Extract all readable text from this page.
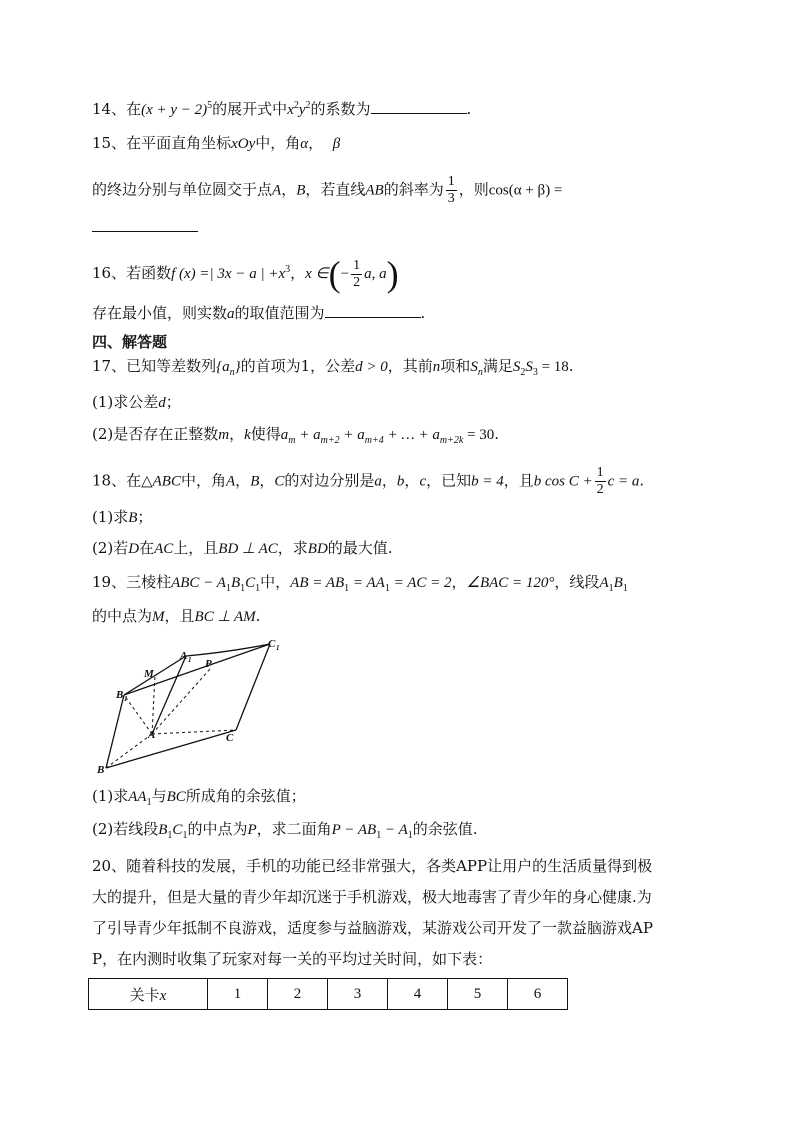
14、在$(x + y - 2)^5$的展开式中$x^2y^2$的系数为	.
15、在平面直角坐标xOy中，角α， β
的终边分别与单位圆交于点A，B，若直线AB的斜率为 $\frac{1}{3}$ ，则cos(α + β) =
16、若函数f (x) =| 3x − a | $+x^3$，x ∈(− $\frac{1}{2} a$, a)
存在最小值，则实数a的取值范围为	.
四、解答题
17、已知等差数列$\{a_n\}$的首项为1，公差d > 0，其前n项和$S_n$满足$S_2S_3 = 18$.
(1)求公差d；
(2)是否存在正整数m，k使得$a_m + a_{m+2} + a_{m+4}$ + … + $a_{m+2k} = 30$.
18、在△ABC中，角A，B，C的对边分别是a，b，c，已知b = 4，且b $\cos C + \frac{1}{2}$ c = a.
(1)求B；
(2)若D在AC上，且BD ⊥ AC，求BD的最大值.
19、三棱柱ABC − $A_1B_1C_1$中，AB = $AB_1 = AA_1$ = AC = 2，∠BAC = 120°，线段$A_1B_1$
的中点为M，且BC ⊥ AM.
M
A 1 P
C 1
B 1
A	C
B
(1)求$AA_1$与BC所成角的余弦值；
(2)若线段$B_1C_1$的中点为P，求二面角$P - AB_1 - A_1$的余弦值.
20、随着科技的发展，手机的功能已经非常强大，各类APP让用户的生活质量得到极
大的提升，但是大量的青少年却沉迷于手机游戏，极大地毒害了青少年的身心健康.为
了引导青少年抵制不良游戏，适度参与益脑游戏，某游戏公司开发了一款益脑游戏AP
P，在内测时收集了玩家对每一关的平均过关时间，如下表：
关卡x	1	2	3	4	5	6
